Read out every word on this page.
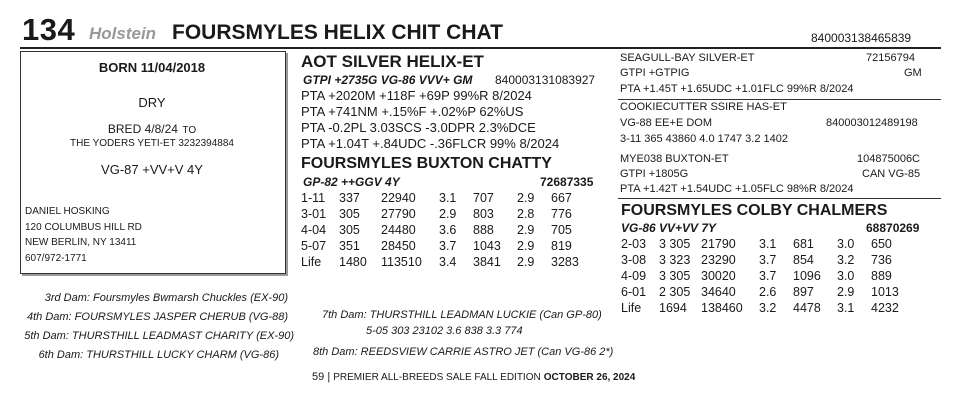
134 Holstein FOURSMYLES HELIX CHIT CHAT	840003138465839
BORN 11/04/2018
DRY
BRED 4/8/24 TO
THE YODERS YETI-ET 3232394884
VG-87 +VV+V 4Y
DANIEL HOSKING
120 COLUMBUS HILL RD
NEW BERLIN, NY 13411
607/972-1771
AOT SILVER HELIX-ET
GTPI +2735G VG-86 VVV+ GM 840003131083927
PTA +2020M +118F +69P 99%R 8/2024
PTA +741NM +.15%F +.02%P 62%US
PTA -0.2PL 3.03SCS -3.0DPR 2.3%DCE
PTA +1.04T +.84UDC -.36FLCR 99% 8/2024
FOURSMYLES BUXTON CHATTY
GP-82 ++GGV 4Y	72687335
1-11	337	22940	3.1	707	2.9	667
3-01	305	27790	2.9	803	2.8	776
4-04	305	24480	3.6	888	2.9	705
5-07	351	28450	3.7	1043	2.9	819
Life	1480	113510	3.4	3841	2.9	3283
SEAGULL-BAY SILVER-ET	72156794
GTPI +GTPIG	GM
PTA +1.45T +1.65UDC +1.01FLC 99%R 8/2024
COOKIECUTTER SSIRE HAS-ET
VG-88 EE+E DOM	840003012489198
3-11 365 43860 4.0 1747 3.2 1402
MYE038 BUXTON-ET	104875006C
GTPI +1805G	CAN VG-85
PTA +1.42T +1.54UDC +1.05FLC 98%R 8/2024
FOURSMYLES COLBY CHALMERS
VG-86 VV+VV 7Y	68870269
2-03	3 305	21790	3.1	681	3.0	650
3-08	3 323	23290	3.7	854	3.2	736
4-09	3 305	30020	3.7	1096	3.0	889
6-01	2 305	34640	2.6	897	2.9	1013
Life	1694	138460	3.2	4478	3.1	4232
3rd Dam: Foursmyles Bwmarsh Chuckles (EX-90)
4th Dam: FOURSMYLES JASPER CHERUB (VG-88)
5th Dam: THURSTHILL LEADMAST CHARITY (EX-90)
6th Dam: THURSTHILL LUCKY CHARM (VG-86)
7th Dam: THURSTHILL LEADMAN LUCKIE (Can GP-80)
5-05 303 23102 3.6 838 3.3 774
8th Dam: REEDSVIEW CARRIE ASTRO JET (Can VG-86 2*)
59 | PREMIER ALL-BREEDS SALE FALL EDITION OCTOBER 26, 2024
